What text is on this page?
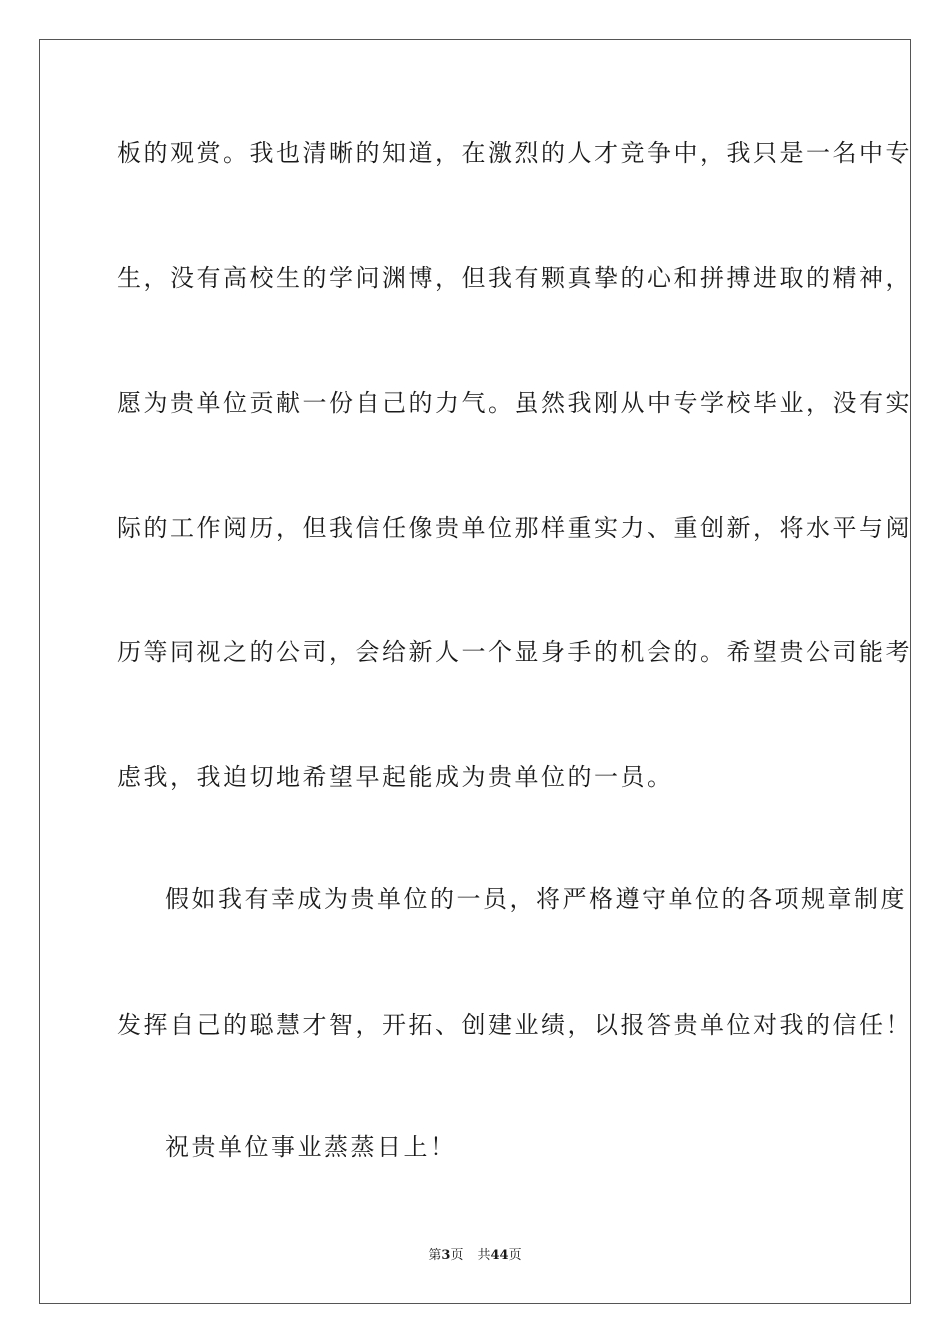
板的观赏。我也清晰的知道，在激烈的人才竞争中，我只是一名中专
生，没有高校生的学问渊博，但我有颗真挚的心和拼搏进取的精神，
愿为贵单位贡献一份自己的力气。虽然我刚从中专学校毕业，没有实
际的工作阅历，但我信任像贵单位那样重实力、重创新，将水平与阅
历等同视之的公司，会给新人一个显身手的机会的。希望贵公司能考
虑我，我迫切地希望早起能成为贵单位的一员。
假如我有幸成为贵单位的一员，将严格遵守单位的各项规章制度
发挥自己的聪慧才智，开拓、创建业绩，以报答贵单位对我的信任！
祝贵单位事业蒸蒸日上！
第3页 共44页
